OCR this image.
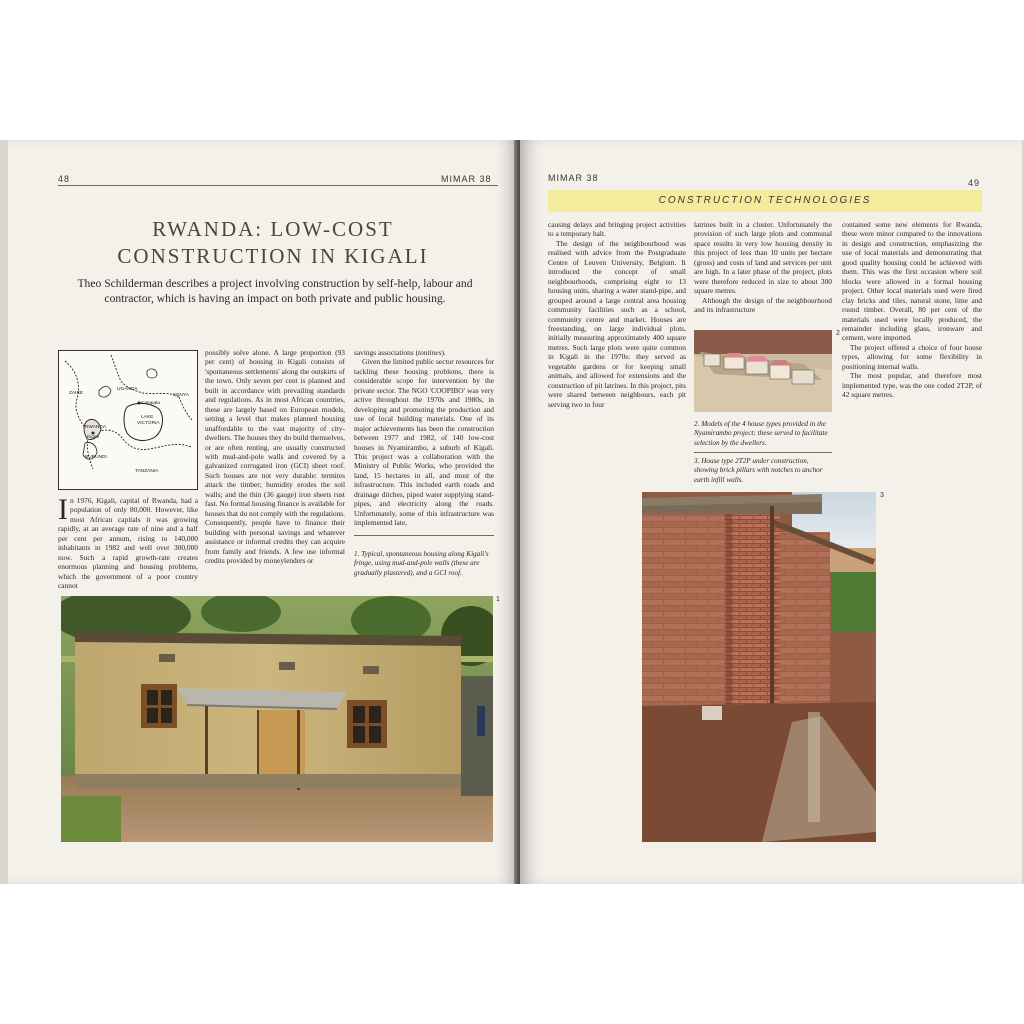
48	MIMAR 38
RWANDA: LOW-COST
CONSTRUCTION IN KIGALI
Theo Schilderman describes a project involving construction by self-help, labour and contractor, which is having an impact on both private and public housing.
ZAIRE
UGANDA
KENYA
Kampala
LAKE
VICTORIA
RWANDA
Kigali
BURUNDI
TANZANIA

In 1976, Kigali, capital of Rwanda, had a population of only 80,000. However, like most African capitals it was growing rapidly, at an average rate of nine and a half per cent per annum, rising to 140,000 inhabitants in 1982 and well over 300,000 now. Such a rapid growth-rate creates enormous planning and housing problems, which the government of a poor country cannot

possibly solve alone. A large proportion (93 per cent) of housing in Kigali consists of 'spontaneous settlements' along the outskirts of the town. Only seven per cent is planned and built in accordance with prevailing standards and regulations. As in most African countries, these are largely based on European models, setting a level that makes planned housing unaffordable to the vast majority of city-dwellers. The houses they do build themselves, or are often renting, are usually constructed with mud-and-pole walls and covered by a galvanized corrugated iron (GCI) sheet roof. Such houses are not very durable: termites attack the timber; humidity erodes the soil walls; and the thin (36 gauge) iron sheets rust fast. No formal housing finance is available for houses that do not comply with the regulations. Consequently, people have to finance their building with personal savings and whatever assistance or informal credits they can acquire from family and friends. A few use informal credits provided by moneylenders or

savings associations (tontines).

Given the limited public sector resources for tackling these housing problems, there is considerable scope for intervention by the private sector. The NGO 'COOPIBO' was very active throughout the 1970s and 1980s, in developing and promoting the production and use of local building materials. One of its major achievements has been the construction between 1977 and 1982, of 140 low-cost houses in Nyamirambo, a suburb of Kigali. This project was a collaboration with the Ministry of Public Works, who provided the land, 15 hectares in all, and most of the infrastructure. This included earth roads and drainage ditches, piped water supplying stand-pipes, and electricity along the roads. Unfortunately, some of this infrastructure was implemented late,

1. Typical, spontaneous housing along Kigali's fringe, using mud-and-pole walls (these are gradually plastered), and a GCI roof.
1
MIMAR 38	49
CONSTRUCTION TECHNOLOGIES

causing delays and bringing project activities to a temporary halt.

The design of the neighbourhood was realised with advice from the Postgraduate Centre of Leuven University, Belgium. It introduced the concept of small neighbourhoods, comprising eight to 13 housing units, sharing a water stand-pipe, and grouped around a large central area housing community facilities such as a school, community centre and market. Houses are freestanding, on large individual plots, initially measuring approximately 400 square metres. Such large plots were quite common in Kigali in the 1970s: they served as vegetable gardens or for keeping small animals, and allowed for extensions and the construction of pit latrines. In this project, pits were shared between neighbours, each pit serving two to four

latrines built in a cluster. Unfortunately the provision of such large plots and communal space results in very low housing density in this project of less than 10 units per hectare (gross) and costs of land and services per unit are high. In a later phase of the project, plots were therefore reduced in size to about 300 square metres.

Although the design of the neighbourhood and its infrastructure

2
2. Models of the 4 house types provided in the Nyamirambo project; these served to facilitate selection by the dwellers.
3. House type 2T2P under construction, showing brick pillars with notches to anchor earth infill walls.

contained some new elements for Rwanda, these were minor compared to the innovations in design and construction, emphasizing the use of local materials and demonstrating that good quality housing could be achieved with them. This was the first occasion where soil blocks were allowed in a formal housing project. Other local materials used were fired clay bricks and tiles, natural stone, lime and round timber. Overall, 80 per cent of the materials used were locally produced, the remainder including glass, ironware and cement, were imported.

The project offered a choice of four house types, allowing for some flexibility in positioning internal walls.

The most popular, and therefore most implemented type, was the one coded 2T2P, of 42 square metres.

3
